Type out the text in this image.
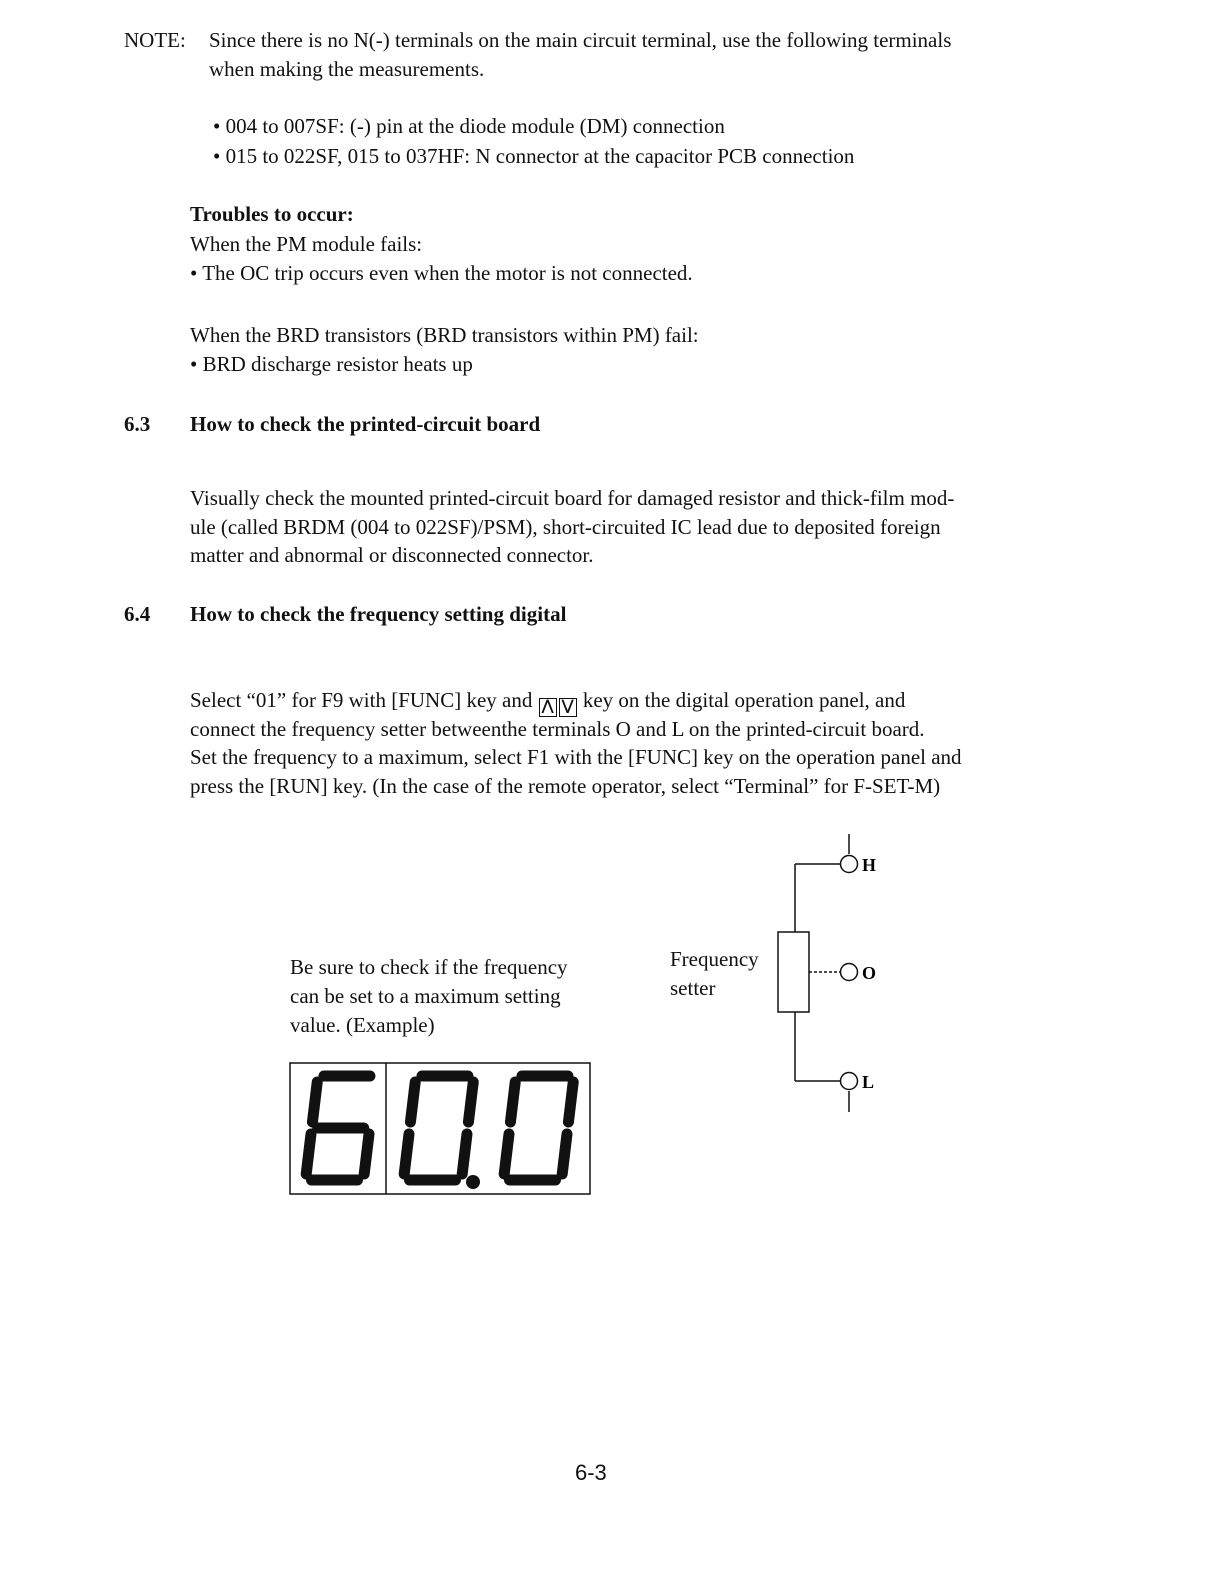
NOTE: Since there is no N(-) terminals on the main circuit terminal, use the following terminals
when making the measurements.
• 004 to 007SF: (-) pin at the diode module (DM) connection
• 015 to 022SF, 015 to 037HF: N connector at the capacitor PCB connection
Troubles to occur:
When the PM module fails:
• The OC trip occurs even when the motor is not connected.
When the BRD transistors (BRD transistors within PM) fail:
• BRD discharge resistor heats up
6.3 How to check the printed-circuit board
Visually check the mounted printed-circuit board for damaged resistor and thick-film mod-
ule (called BRDM (004 to 022SF)/PSM), short-circuited IC lead due to deposited foreign
matter and abnormal or disconnected connector.
6.4 How to check the frequency setting digital
Select “01” for F9 with [FUNC] key and ⋀ ⋁ key on the digital operation panel, and
connect the frequency setter betweenthe terminals O and L on the printed-circuit board.
Set the frequency to a maximum, select F1 with the [FUNC] key on the operation panel and
press the [RUN] key. (In the case of the remote operator, select “Terminal” for F-SET-M)
Be sure to check if the frequency
can be set to a maximum setting
value. (Example)
Frequency
setter
H
O
L
6-3
